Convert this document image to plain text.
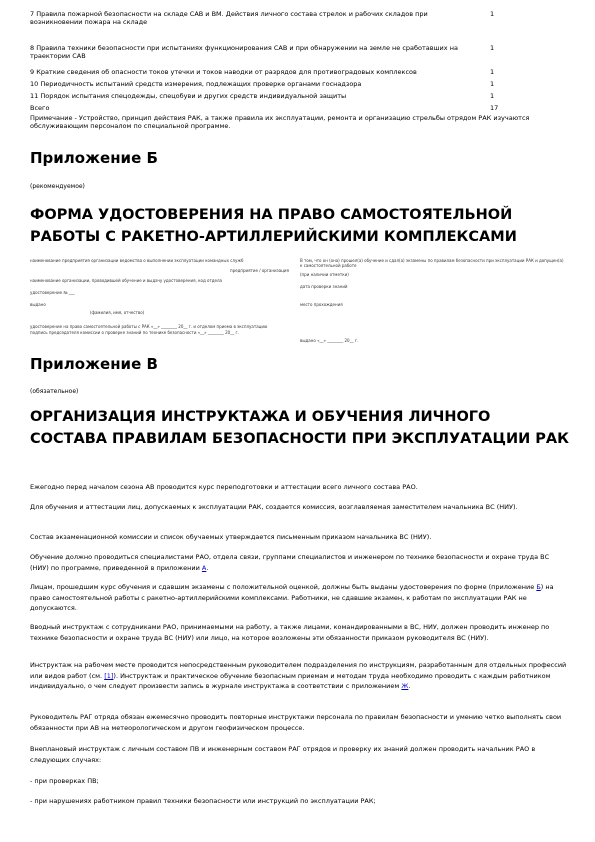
7 Правила пожарной безопасности на складе САВ и ВМ. Действия личного состава стрелок и рабочих складов при возникновении пожара на складе
1
8 Правила техники безопасности при испытаниях функционирования САВ и при обнаружении на земле не сработавших на траектории САВ
1
9 Краткие сведения об опасности токов утечки и токов наводки от разрядов для противоградовых комплексов	1
10 Периодичность испытаний средств измерения, подлежащих проверке органами госнадзора	1
11 Порядок испытания спецодежды, спецобуви и других средств индивидуальной защиты	1
Всего	17
Примечание - Устройство, принцип действия РАК, а также правила их эксплуатации, ремонта и организацию стрельбы отрядом РАК изучаются обслуживающим персоналом по специальной программе.
Приложение Б
(рекомендуемое)
ФОРМА УДОСТОВЕРЕНИЯ НА ПРАВО САМОСТОЯТЕЛЬНОЙ РАБОТЫ С РАКЕТНО-АРТИЛЛЕРИЙСКИМИ КОМПЛЕКСАМИ
наименование предприятия организации ведомства о выполнении эксплуатации командных служб
предприятие / организация
наименование организации, проводившей обучение и выдачу удостоверения, код отдела
удостоверение № ___
выдано
(фамилия, имя, отчество)
удостоверение на право самостоятельной работы с РАК «__» ________ 20__ г. и отделом приема в эксплуатацию
подпись председателя комиссии о проверке знаний по технике безопасности «__» ________ 20__ г.
В том, что он (она) прошел(а) обучение и сдал(а) экзамены по правилам безопасности при эксплуатации РАК и допущен(а) к самостоятельной работе
(при наличии отметки)
дата проверки знаний
место прохождения
выдано «__» ________ 20__ г.
Приложение В
(обязательное)
ОРГАНИЗАЦИЯ ИНСТРУКТАЖА И ОБУЧЕНИЯ ЛИЧНОГО СОСТАВА ПРАВИЛАМ БЕЗОПАСНОСТИ ПРИ ЭКСПЛУАТАЦИИ РАК
Ежегодно перед началом сезона АВ проводится курс переподготовки и аттестации всего личного состава РАО.
Для обучения и аттестации лиц, допускаемых к эксплуатации РАК, создается комиссия, возглавляемая заместителем начальника ВС (НИУ).
Состав экзаменационной комиссии и список обучаемых утверждается письменным приказом начальника ВС (НИУ).
Обучение должно проводиться специалистами РАО, отдела связи, группами специалистов и инженером по технике безопасности и охране труда ВС (НИУ) по программе, приведенной в приложении А.
Лицам, прошедшим курс обучения и сдавшим экзамены с положительной оценкой, должны быть выданы удостоверения по форме (приложение Б) на право самостоятельной работы с ракетно-артиллерийскими комплексами. Работники, не сдавшие экзамен, к работам по эксплуатации РАК не допускаются.
Вводный инструктаж с сотрудниками РАО, принимаемыми на работу, а также лицами, командированными в ВС, НИУ, должен проводить инженер по технике безопасности и охране труда ВС (НИУ) или лицо, на которое возложены эти обязанности приказом руководителя ВС (НИУ).
Инструктаж на рабочем месте проводится непосредственным руководителем подразделения по инструкциям, разработанным для отдельных профессий или видов работ (см. [1]). Инструктаж и практическое обучение безопасным приемам и методам труда необходимо проводить с каждым работником индивидуально, о чем следует произвести запись в журнале инструктажа в соответствии с приложением Ж.
Руководитель РАГ отряда обязан ежемесячно проводить повторные инструктажи персонала по правилам безопасности и умению четко выполнять свои обязанности при АВ на метеорологическом и другом геофизическом процессе.
Внеплановый инструктаж с личным составом ПВ и инженерным составом РАГ отрядов и проверку их знаний должен проводить начальник РАО в следующих случаях:
- при проверках ПВ;
- при нарушениях работником правил техники безопасности или инструкций по эксплуатации РАК;
